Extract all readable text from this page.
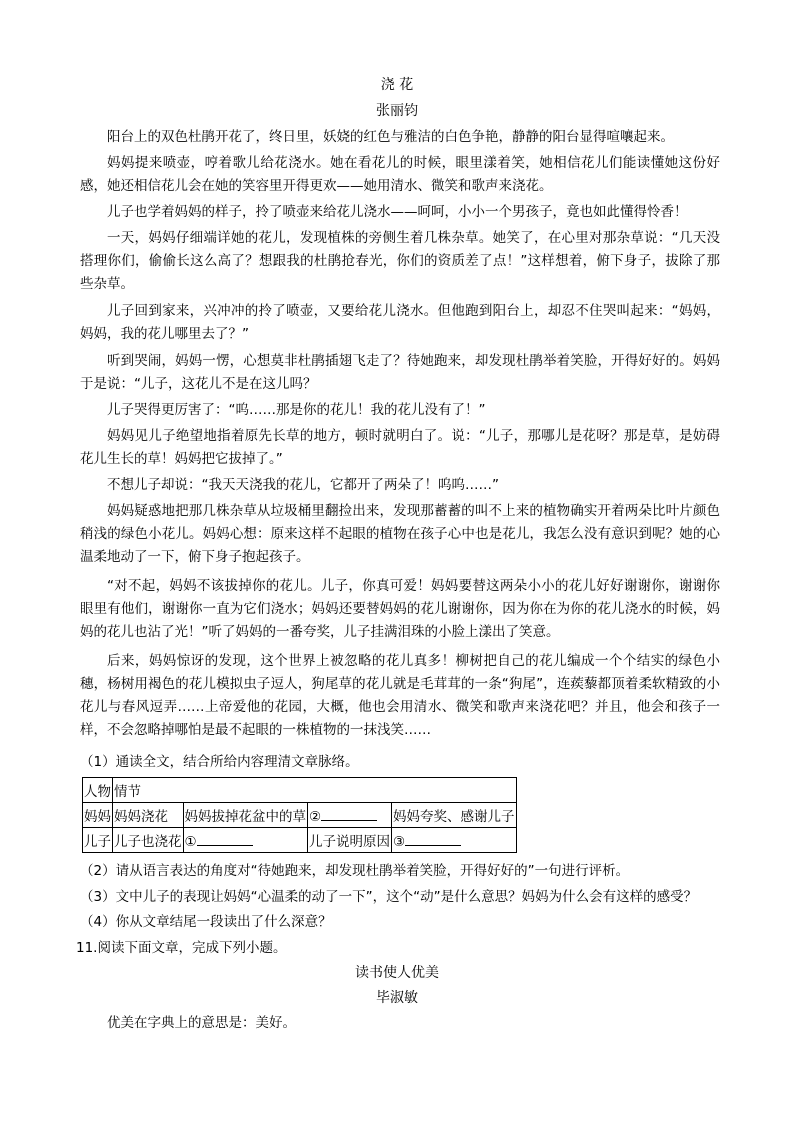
浇 花
张丽钧

阳台上的双色杜鹃开花了，终日里，妖娆的红色与雅洁的白色争艳，静静的阳台显得喧嚷起来。

妈妈提来喷壶，哼着歌儿给花浇水。她在看花儿的时候，眼里漾着笑，她相信花儿们能读懂她这份好感，她还相信花儿会在她的笑容里开得更欢——她用清水、微笑和歌声来浇花。

儿子也学着妈妈的样子，拎了喷壶来给花儿浇水——呵呵，小小一个男孩子，竟也如此懂得怜香！

一天，妈妈仔细端详她的花儿，发现植株的旁侧生着几株杂草。她笑了，在心里对那杂草说：“几天没搭理你们，偷偷长这么高了？想跟我的杜鹃抢春光，你们的资质差了点！”这样想着，俯下身子，拔除了那些杂草。

儿子回到家来，兴冲冲的拎了喷壶，又要给花儿浇水。但他跑到阳台上，却忍不住哭叫起来：“妈妈，妈妈，我的花儿哪里去了？”

听到哭闹，妈妈一愣，心想莫非杜鹃插翅飞走了？待她跑来，却发现杜鹃举着笑脸，开得好好的。妈妈于是说：“儿子，这花儿不是在这儿吗？

儿子哭得更厉害了：“呜……那是你的花儿！我的花儿没有了！”

妈妈见儿子绝望地指着原先长草的地方，顿时就明白了。说：“儿子，那哪儿是花呀？那是草，是妨碍花儿生长的草！妈妈把它拔掉了。”

不想儿子却说：“我天天浇我的花儿，它都开了两朵了！呜呜……”

妈妈疑惑地把那几株杂草从垃圾桶里翻捡出来，发现那蓄蓄的叫不上来的植物确实开着两朵比叶片颜色稍浅的绿色小花儿。妈妈心想：原来这样不起眼的植物在孩子心中也是花儿，我怎么没有意识到呢？她的心温柔地动了一下，俯下身子抱起孩子。

“对不起，妈妈不该拔掉你的花儿。儿子，你真可爱！妈妈要替这两朵小小的花儿好好谢谢你，谢谢你眼里有他们，谢谢你一直为它们浇水；妈妈还要替妈妈的花儿谢谢你，因为你在为你的花儿浇水的时候，妈妈的花儿也沾了光！”听了妈妈的一番夸奖，儿子挂满泪珠的小脸上漾出了笑意。

后来，妈妈惊讶的发现，这个世界上被忽略的花儿真多！柳树把自己的花儿编成一个个结实的绿色小穗，杨树用褐色的花儿模拟虫子逗人，狗尾草的花儿就是毛茸茸的一条“狗尾”，连蒺藜都顶着柔软精致的小花儿与春风逗弄……上帝爱他的花园，大概，他也会用清水、微笑和歌声来浇花吧？并且，他会和孩子一样，不会忽略掉哪怕是最不起眼的一株植物的一抹浅笑……

（1）通读全文，结合所给内容理清文章脉络。

人物	情节			
妈妈	妈妈浇花	妈妈拔掉花盆中的草	②	妈妈夸奖、感谢儿子
儿子	儿子也浇花	①	儿子说明原因	③

（2）请从语言表达的角度对“待她跑来，却发现杜鹃举着笑脸，开得好好的”一句进行评析。

（3）文中儿子的表现让妈妈“心温柔的动了一下”，这个“动”是什么意思？妈妈为什么会有这样的感受？

（4）你从文章结尾一段读出了什么深意？

11.阅读下面文章，完成下列小题。

读书使人优美
毕淑敏

优美在字典上的意思是：美好。
